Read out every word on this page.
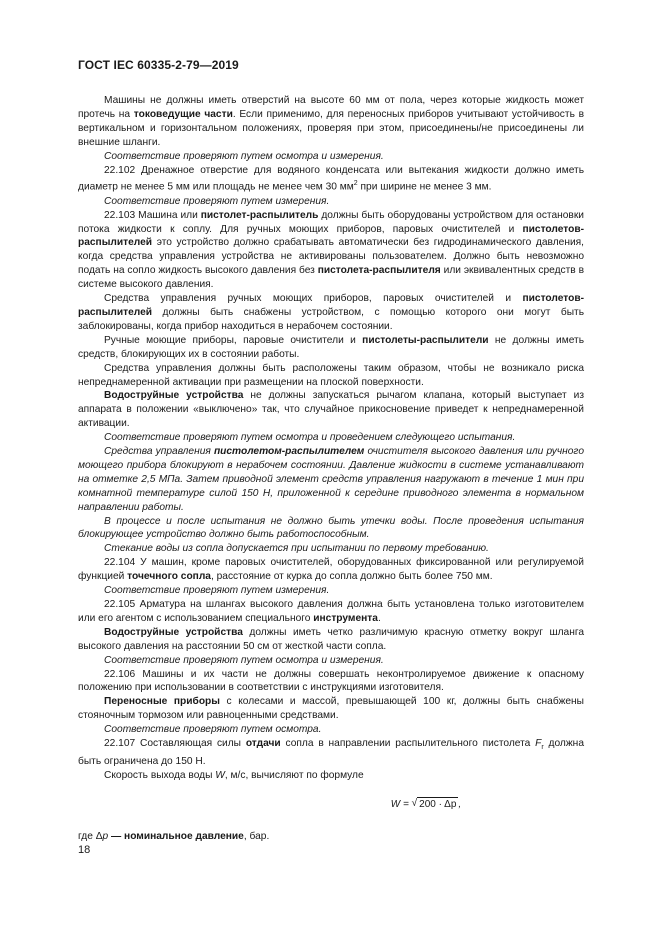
ГОСТ IEC 60335-2-79—2019

Машины не должны иметь отверстий на высоте 60 мм от пола, через которые жидкость может протечь на токоведущие части. Если применимо, для переносных приборов учитывают устойчивость в вертикальном и горизонтальном положениях, проверяя при этом, присоединены/не присоединены ли внешние шланги.

Соответствие проверяют путем осмотра и измерения.

22.102 Дренажное отверстие для водяного конденсата или вытекания жидкости должно иметь диаметр не менее 5 мм или площадь не менее чем 30 $мм^2$ при ширине не менее 3 мм.

Соответствие проверяют путем измерения.

22.103 Машина или пистолет-распылитель должны быть оборудованы устройством для остановки потока жидкости к соплу. Для ручных моющих приборов, паровых очистителей и пистолетов-распылителей это устройство должно срабатывать автоматически без гидродинамического давления, когда средства управления устройства не активированы пользователем. Должно быть невозможно подать на сопло жидкость высокого давления без пистолета-распылителя или эквивалентных средств в системе высокого давления.

Средства управления ручных моющих приборов, паровых очистителей и пистолетов-распылителей должны быть снабжены устройством, с помощью которого они могут быть заблокированы, когда прибор находиться в нерабочем состоянии.

Ручные моющие приборы, паровые очистители и пистолеты-распылители не должны иметь средств, блокирующих их в состоянии работы.

Средства управления должны быть расположены таким образом, чтобы не возникало риска непреднамеренной активации при размещении на плоской поверхности.

Водоструйные устройства не должны запускаться рычагом клапана, который выступает из аппарата в положении «выключено» так, что случайное прикосновение приведет к непреднамеренной активации.

Соответствие проверяют путем осмотра и проведением следующего испытания.

Средства управления пистолетом-распылителем очистителя высокого давления или ручного моющего прибора блокируют в нерабочем состоянии. Давление жидкости в системе устанавливают на отметке 2,5 МПа. Затем приводной элемент средств управления нагружают в течение 1 мин при комнатной температуре силой 150 Н, приложенной к середине приводного элемента в нормальном направлении работы.

В процессе и после испытания не должно быть утечки воды. После проведения испытания блокирующее устройство должно быть работоспособным.

Стекание воды из сопла допускается при испытании по первому требованию.

22.104 У машин, кроме паровых очистителей, оборудованных фиксированной или регулируемой функцией точечного сопла, расстояние от курка до сопла должно быть более 750 мм.

Соответствие проверяют путем измерения.

22.105 Арматура на шлангах высокого давления должна быть установлена только изготовителем или его агентом с использованием специального инструмента.

Водоструйные устройства должны иметь четко различимую красную отметку вокруг шланга высокого давления на расстоянии 50 см от жесткой части сопла.

Соответствие проверяют путем осмотра и измерения.

22.106 Машины и их части не должны совершать неконтролируемое движение к опасному положению при использовании в соответствии с инструкциями изготовителя.

Переносные приборы с колесами и массой, превышающей 100 кг, должны быть снабжены стояночным тормозом или равноценными средствами.

Соответствие проверяют путем осмотра.

22.107 Составляющая силы отдачи сопла в направлении распылительного пистолета $F_r$ должна быть ограничена до 150 Н.

Скорость выхода воды W, м/с, вычисляют по формуле

W = √ 200 · Δp ,

где Δp — номинальное давление, бар.

18
